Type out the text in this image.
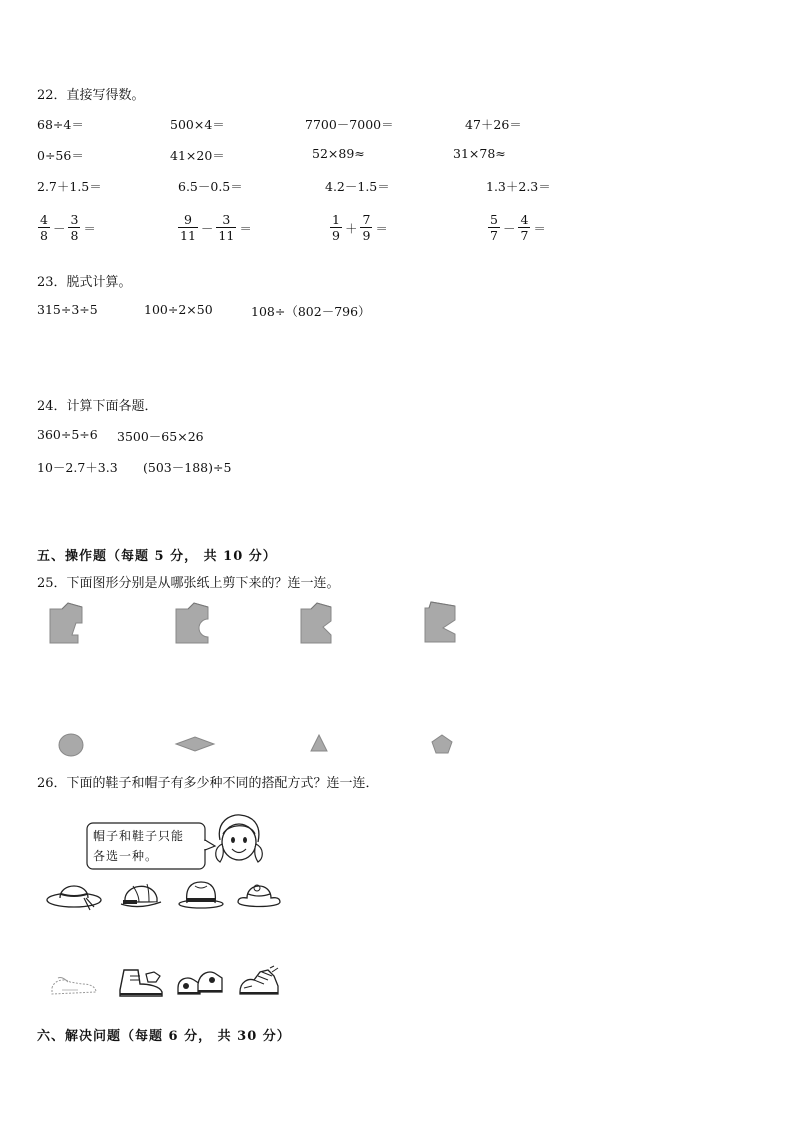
22．直接写得数。
68÷4＝	500×4＝	7700－7000＝	47＋26＝
0÷56＝	41×20＝	52×89≈	31×78≈
2.7＋1.5＝	6.5－0.5＝	4.2－1.5＝	1.3＋2.3＝
$\frac{4}{8} - \frac{3}{8}$ ＝	$\frac{9}{11} - \frac{3}{11}$ ＝	$\frac{1}{9} + \frac{7}{9}$ ＝	$\frac{5}{7} - \frac{4}{7}$ ＝
23．脱式计算。
315÷3÷5	100÷2×50	108÷（802－796）
24．计算下面各题．
360÷5÷6 3500－65×26
10－2.7＋3.3 (503－188)÷5
五、操作题（每题 5 分， 共 10 分）
25．下面图形分别是从哪张纸上剪下来的？连一连。
26．下面的鞋子和帽子有多少种不同的搭配方式？连一连．
帽子和鞋子只能
各选一种。
六、解决问题（每题 6 分， 共 30 分）
